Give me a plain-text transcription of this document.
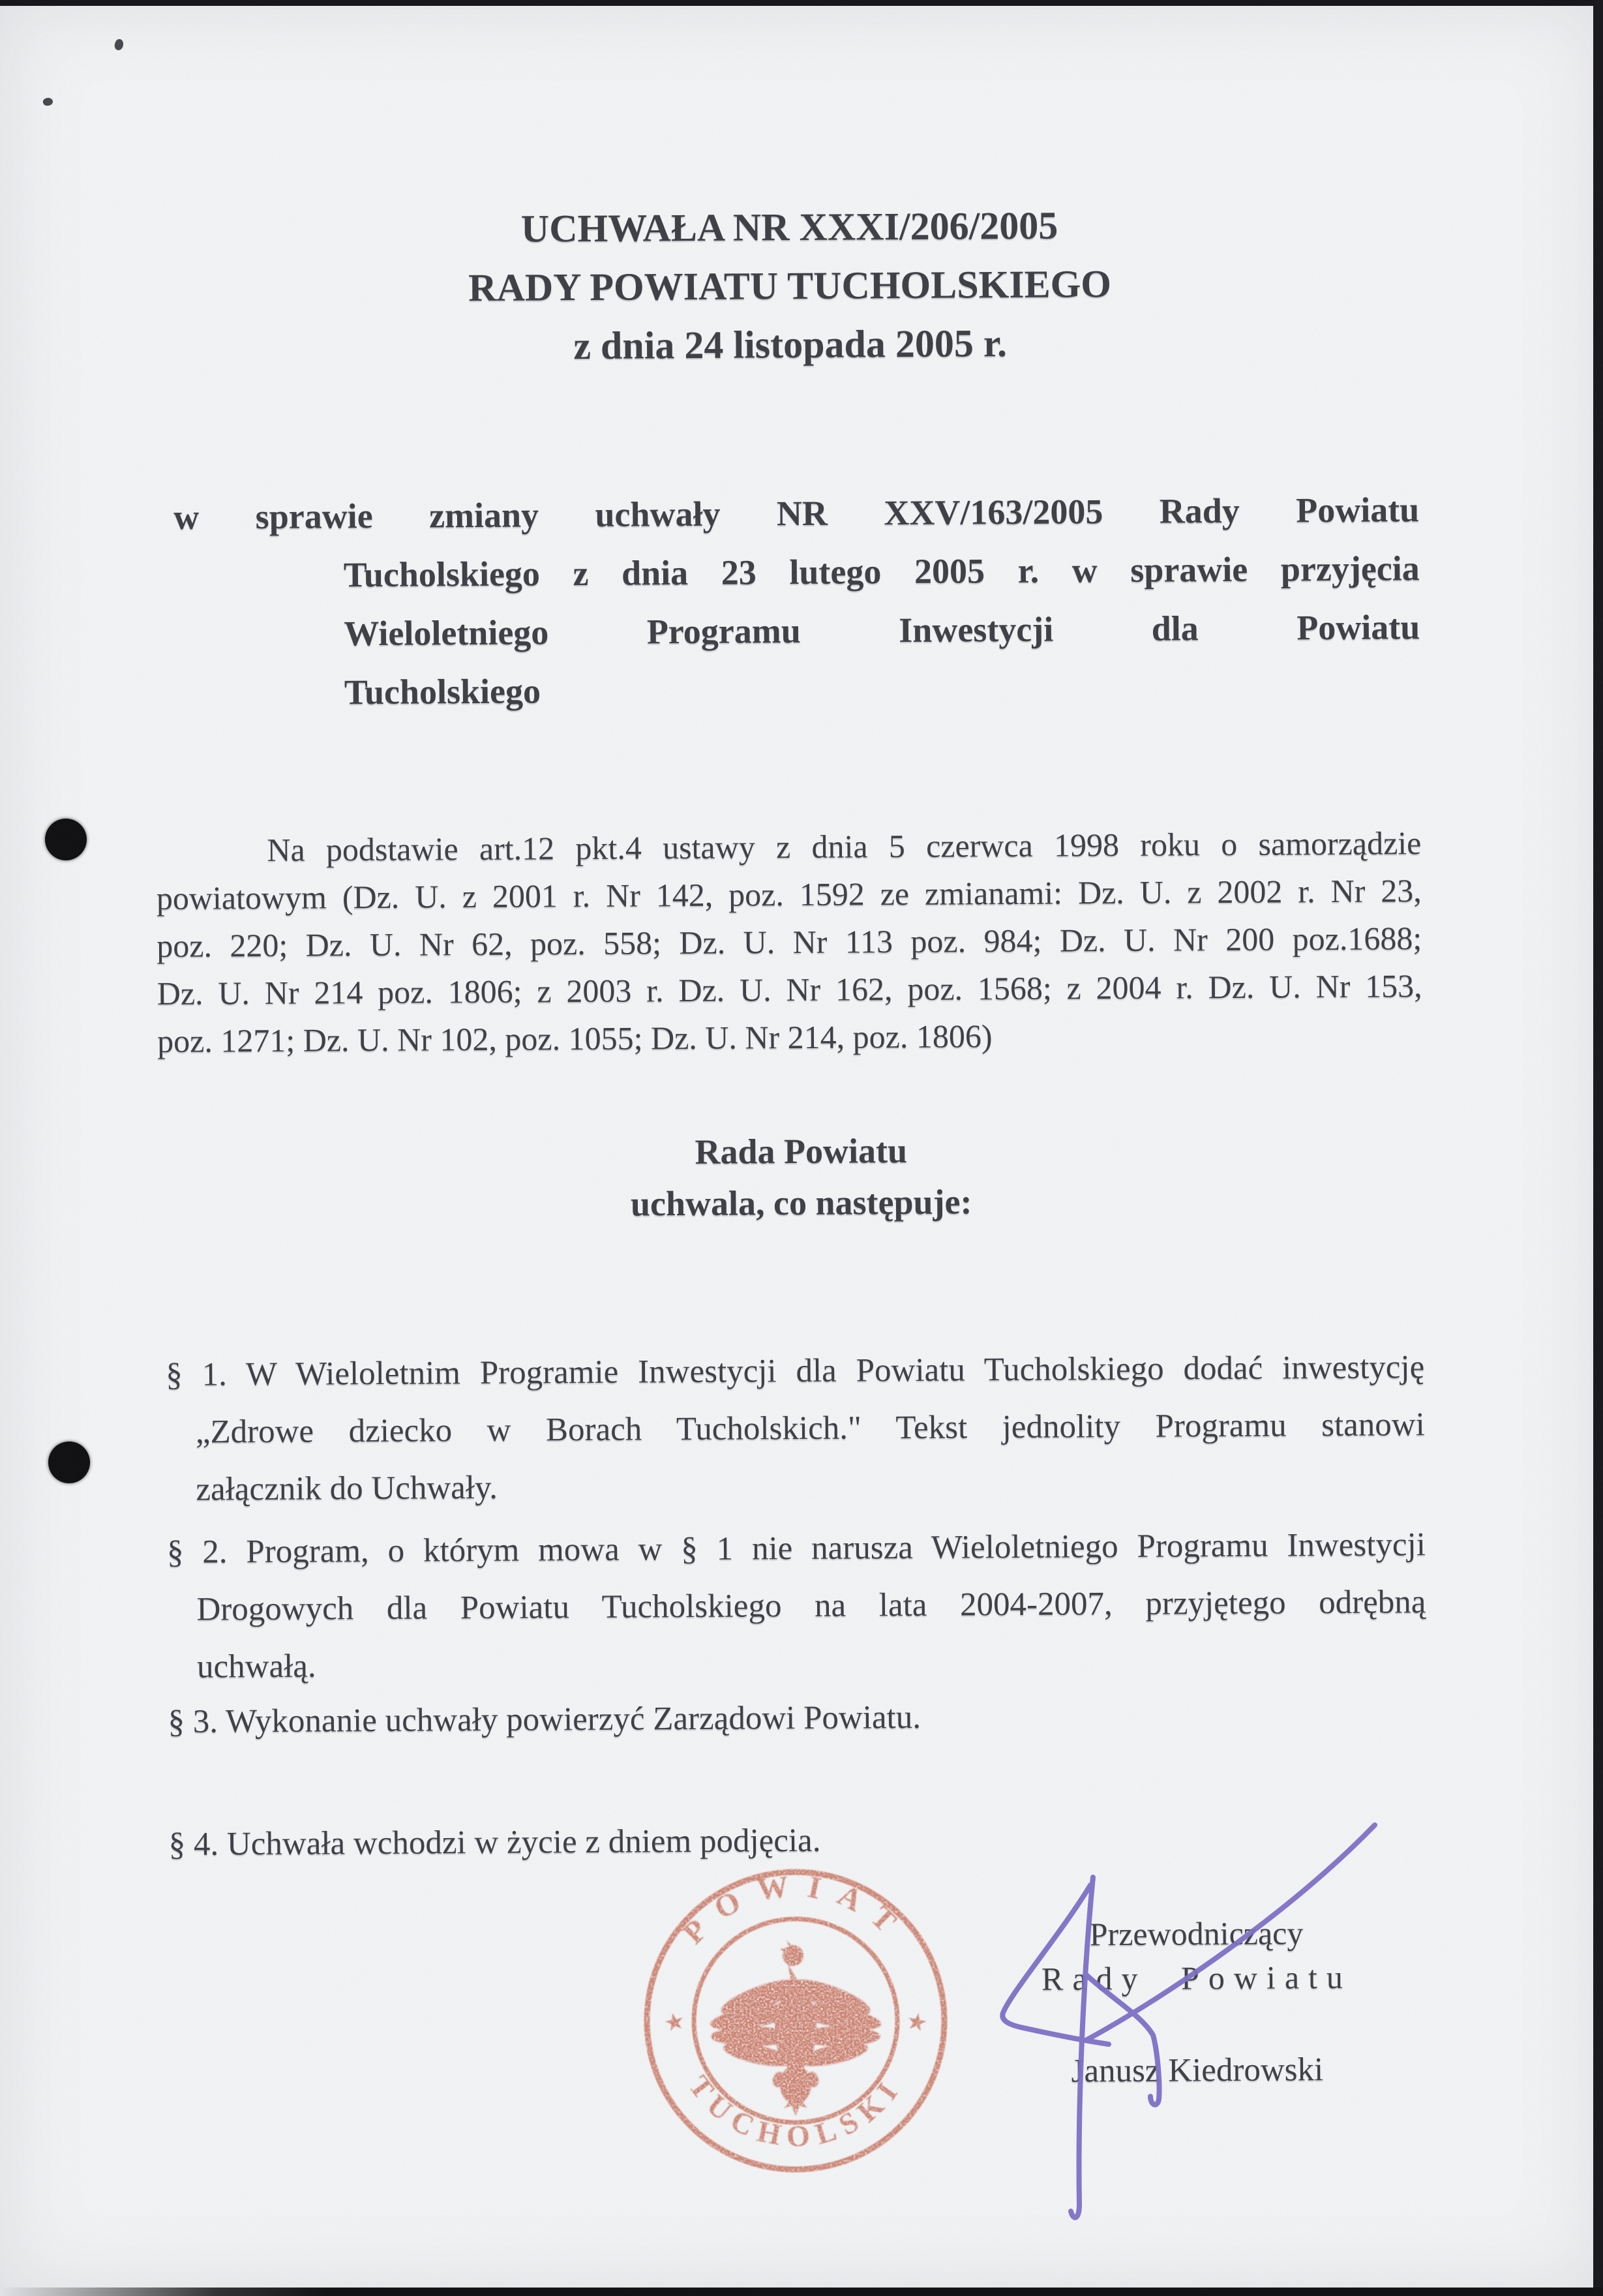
UCHWAŁA NR XXXI/206/2005
RADY POWIATU TUCHOLSKIEGO
z dnia 24 listopada 2005 r.
w sprawie zmiany uchwały NR XXV/163/2005 Rady Powiatu
Tucholskiego z dnia 23 lutego 2005 r. w sprawie przyjęcia
Wieloletniego Programu Inwestycji dla Powiatu
Tucholskiego
Na podstawie art.12 pkt.4 ustawy z dnia 5 czerwca 1998 roku o samorządzie
powiatowym (Dz. U. z 2001 r. Nr 142, poz. 1592 ze zmianami: Dz. U. z 2002 r. Nr 23,
poz. 220; Dz. U. Nr 62, poz. 558; Dz. U. Nr 113 poz. 984; Dz. U. Nr 200 poz.1688;
Dz. U. Nr 214 poz. 1806; z 2003 r. Dz. U. Nr 162, poz. 1568; z 2004 r. Dz. U. Nr 153,
poz. 1271; Dz. U. Nr 102, poz. 1055; Dz. U. Nr 214, poz. 1806)
Rada Powiatu
uchwala, co następuje:
§ 1. W Wieloletnim Programie Inwestycji dla Powiatu Tucholskiego dodać inwestycję
„Zdrowe dziecko w Borach Tucholskich." Tekst jednolity Programu stanowi
załącznik do Uchwały.
§ 2. Program, o którym mowa w § 1 nie narusza Wieloletniego Programu Inwestycji
Drogowych dla Powiatu Tucholskiego na lata 2004-2007, przyjętego odrębną
uchwałą.
§ 3. Wykonanie uchwały powierzyć Zarządowi Powiatu.
§ 4. Uchwała wchodzi w życie z dniem podjęcia.
Przewodniczący
Rady Powiatu
Janusz Kiedrowski
POWIAT
TUCHOLSKI
★	★
